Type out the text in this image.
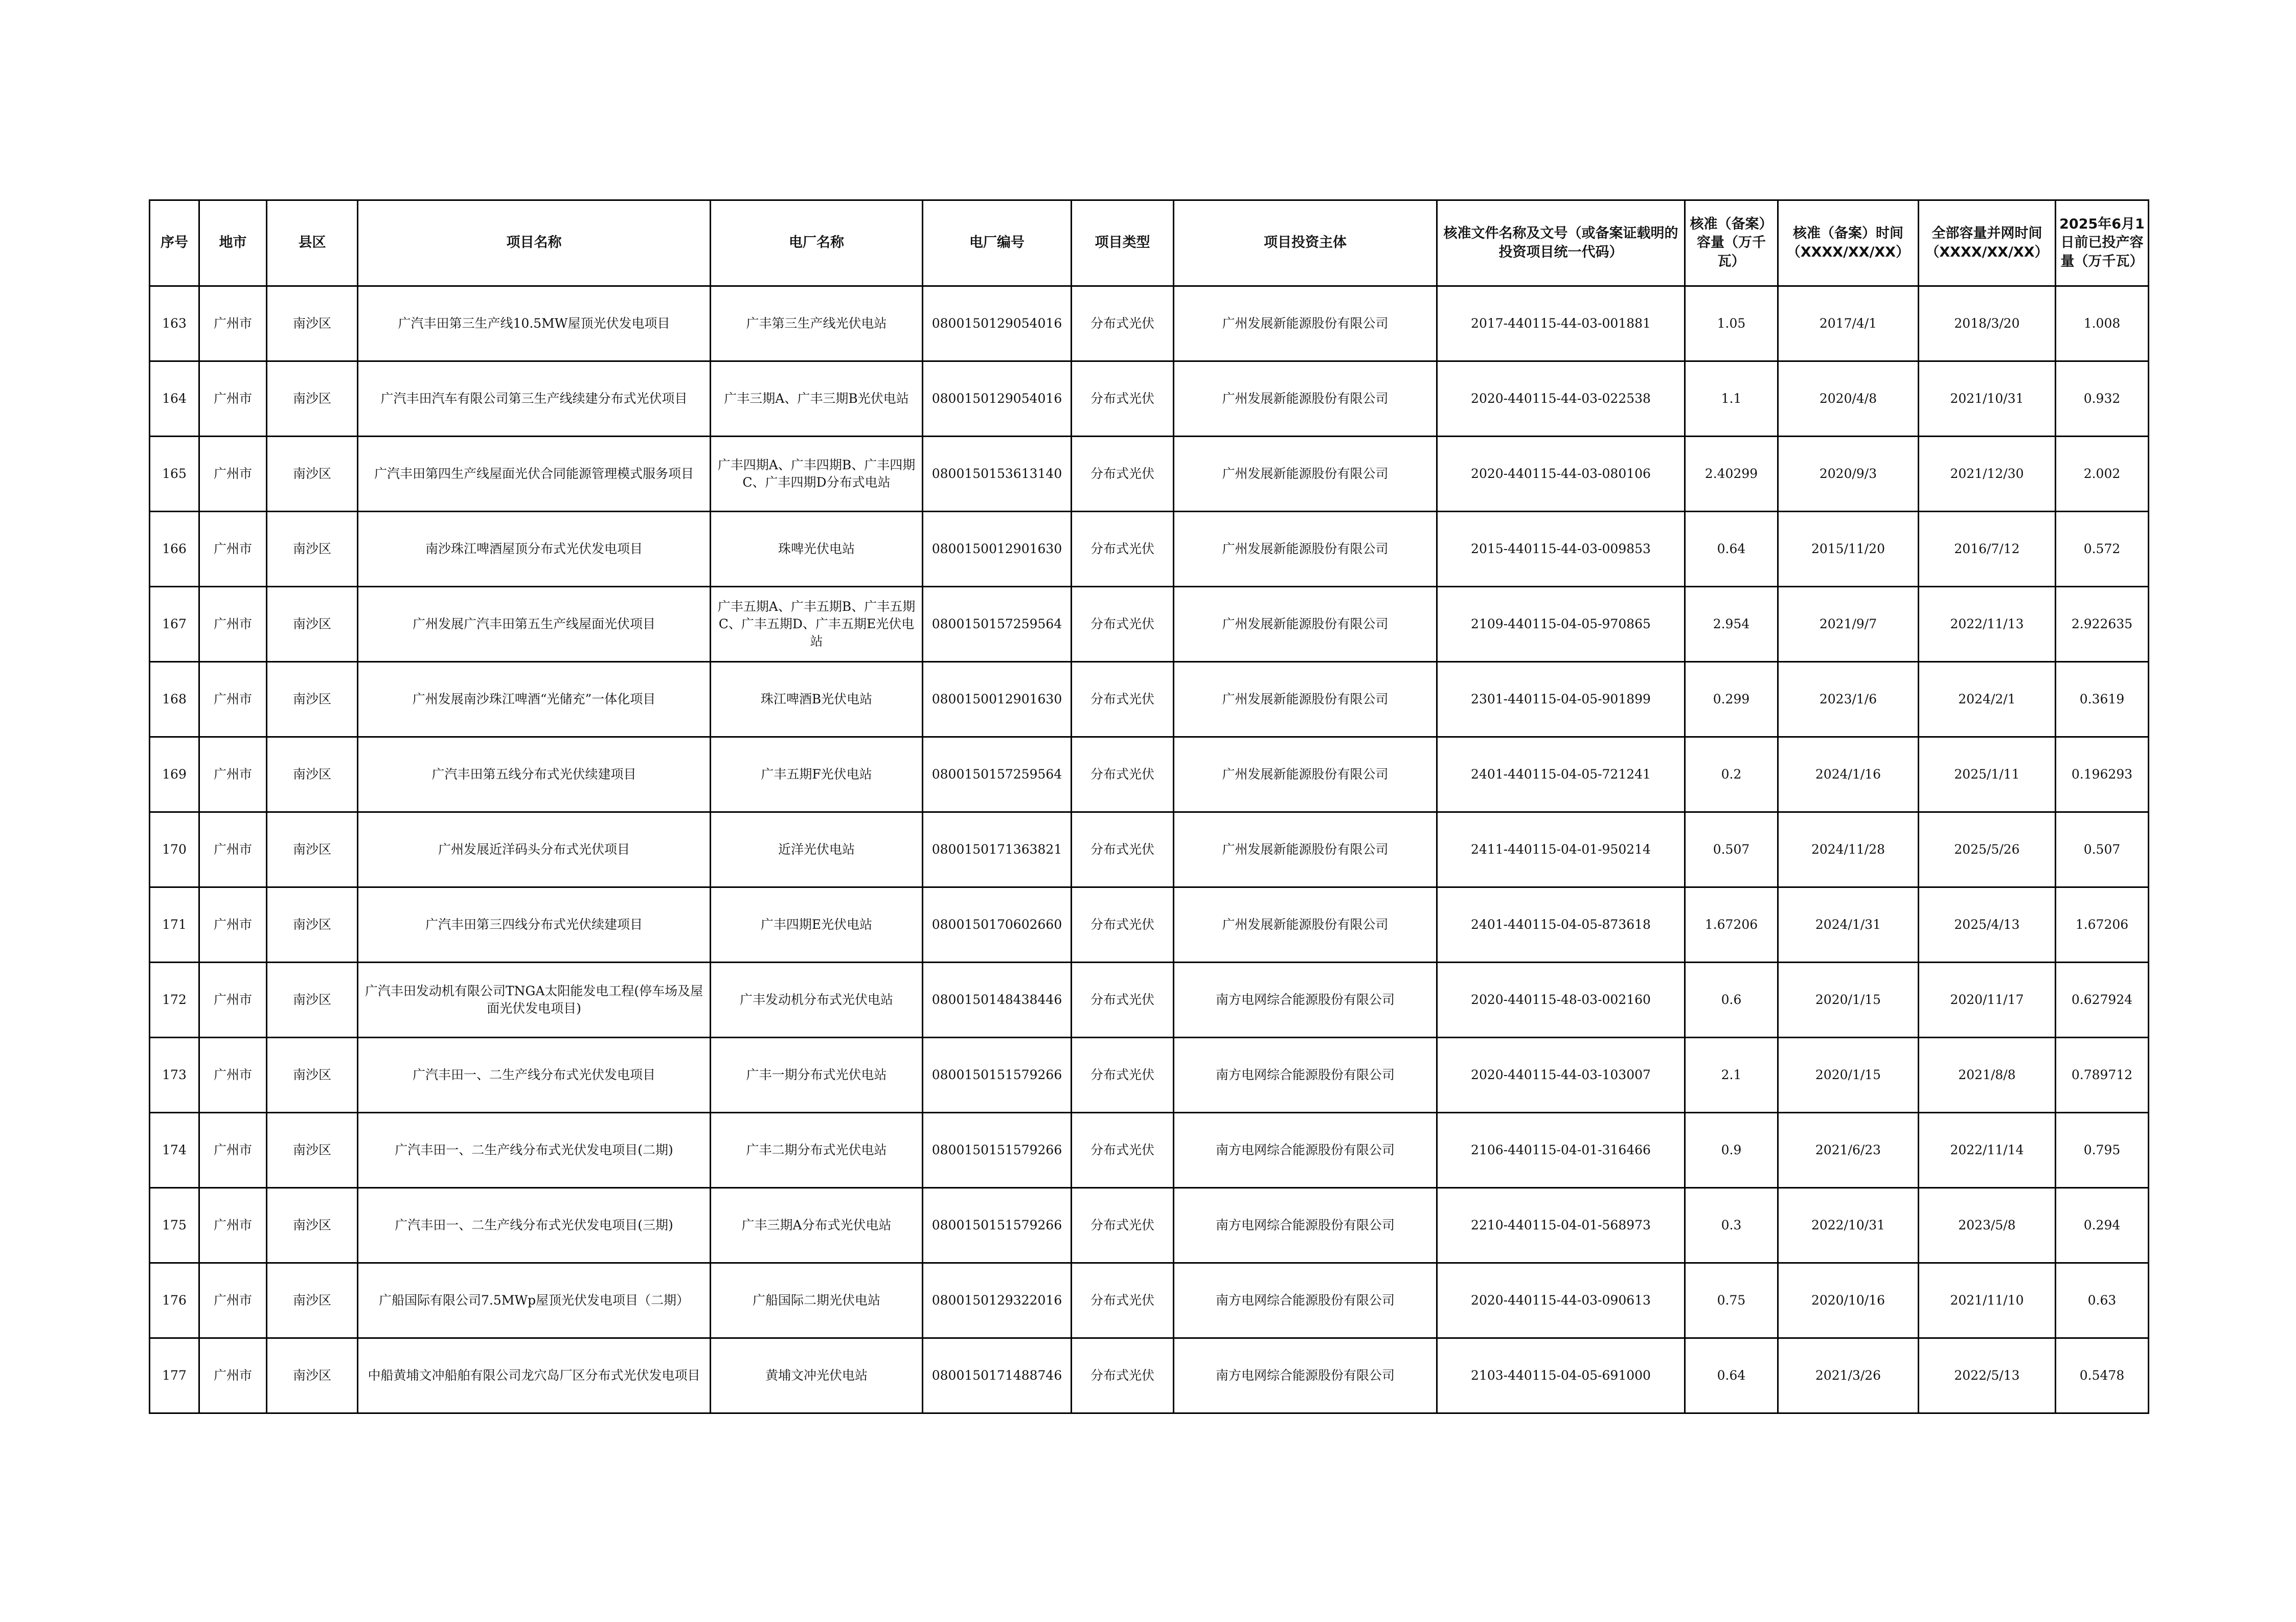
序号	地市	县区	项目名称	电厂名称	电厂编号	项目类型	项目投资主体	核准文件名称及文号（或备案证载明的投资项目统一代码）	核准（备案）容量（万千瓦）	核准（备案）时间（XXXX/XX/XX）	全部容量并网时间（XXXX/XX/XX）	2025年6月1日前已投产容量（万千瓦）
163	广州市	南沙区	广汽丰田第三生产线10.5MW屋顶光伏发电项目	广丰第三生产线光伏电站	0800150129054016	分布式光伏	广州发展新能源股份有限公司	2017-440115-44-03-001881	1.05	2017/4/1	2018/3/20	1.008
164	广州市	南沙区	广汽丰田汽车有限公司第三生产线续建分布式光伏项目	广丰三期A、广丰三期B光伏电站	0800150129054016	分布式光伏	广州发展新能源股份有限公司	2020-440115-44-03-022538	1.1	2020/4/8	2021/10/31	0.932
165	广州市	南沙区	广汽丰田第四生产线屋面光伏合同能源管理模式服务项目	广丰四期A、广丰四期B、广丰四期C、广丰四期D分布式电站	0800150153613140	分布式光伏	广州发展新能源股份有限公司	2020-440115-44-03-080106	2.40299	2020/9/3	2021/12/30	2.002
166	广州市	南沙区	南沙珠江啤酒屋顶分布式光伏发电项目	珠啤光伏电站	0800150012901630	分布式光伏	广州发展新能源股份有限公司	2015-440115-44-03-009853	0.64	2015/11/20	2016/7/12	0.572
167	广州市	南沙区	广州发展广汽丰田第五生产线屋面光伏项目	广丰五期A、广丰五期B、广丰五期C、广丰五期D、广丰五期E光伏电站	0800150157259564	分布式光伏	广州发展新能源股份有限公司	2109-440115-04-05-970865	2.954	2021/9/7	2022/11/13	2.922635
168	广州市	南沙区	广州发展南沙珠江啤酒“光储充”一体化项目	珠江啤酒B光伏电站	0800150012901630	分布式光伏	广州发展新能源股份有限公司	2301-440115-04-05-901899	0.299	2023/1/6	2024/2/1	0.3619
169	广州市	南沙区	广汽丰田第五线分布式光伏续建项目	广丰五期F光伏电站	0800150157259564	分布式光伏	广州发展新能源股份有限公司	2401-440115-04-05-721241	0.2	2024/1/16	2025/1/11	0.196293
170	广州市	南沙区	广州发展近洋码头分布式光伏项目	近洋光伏电站	0800150171363821	分布式光伏	广州发展新能源股份有限公司	2411-440115-04-01-950214	0.507	2024/11/28	2025/5/26	0.507
171	广州市	南沙区	广汽丰田第三四线分布式光伏续建项目	广丰四期E光伏电站	0800150170602660	分布式光伏	广州发展新能源股份有限公司	2401-440115-04-05-873618	1.67206	2024/1/31	2025/4/13	1.67206
172	广州市	南沙区	广汽丰田发动机有限公司TNGA太阳能发电工程(停车场及屋面光伏发电项目)	广丰发动机分布式光伏电站	0800150148438446	分布式光伏	南方电网综合能源股份有限公司	2020-440115-48-03-002160	0.6	2020/1/15	2020/11/17	0.627924
173	广州市	南沙区	广汽丰田一、二生产线分布式光伏发电项目	广丰一期分布式光伏电站	0800150151579266	分布式光伏	南方电网综合能源股份有限公司	2020-440115-44-03-103007	2.1	2020/1/15	2021/8/8	0.789712
174	广州市	南沙区	广汽丰田一、二生产线分布式光伏发电项目(二期)	广丰二期分布式光伏电站	0800150151579266	分布式光伏	南方电网综合能源股份有限公司	2106-440115-04-01-316466	0.9	2021/6/23	2022/11/14	0.795
175	广州市	南沙区	广汽丰田一、二生产线分布式光伏发电项目(三期)	广丰三期A分布式光伏电站	0800150151579266	分布式光伏	南方电网综合能源股份有限公司	2210-440115-04-01-568973	0.3	2022/10/31	2023/5/8	0.294
176	广州市	南沙区	广船国际有限公司7.5MWp屋顶光伏发电项目（二期）	广船国际二期光伏电站	0800150129322016	分布式光伏	南方电网综合能源股份有限公司	2020-440115-44-03-090613	0.75	2020/10/16	2021/11/10	0.63
177	广州市	南沙区	中船黄埔文冲船舶有限公司龙穴岛厂区分布式光伏发电项目	黄埔文冲光伏电站	0800150171488746	分布式光伏	南方电网综合能源股份有限公司	2103-440115-04-05-691000	0.64	2021/3/26	2022/5/13	0.5478
